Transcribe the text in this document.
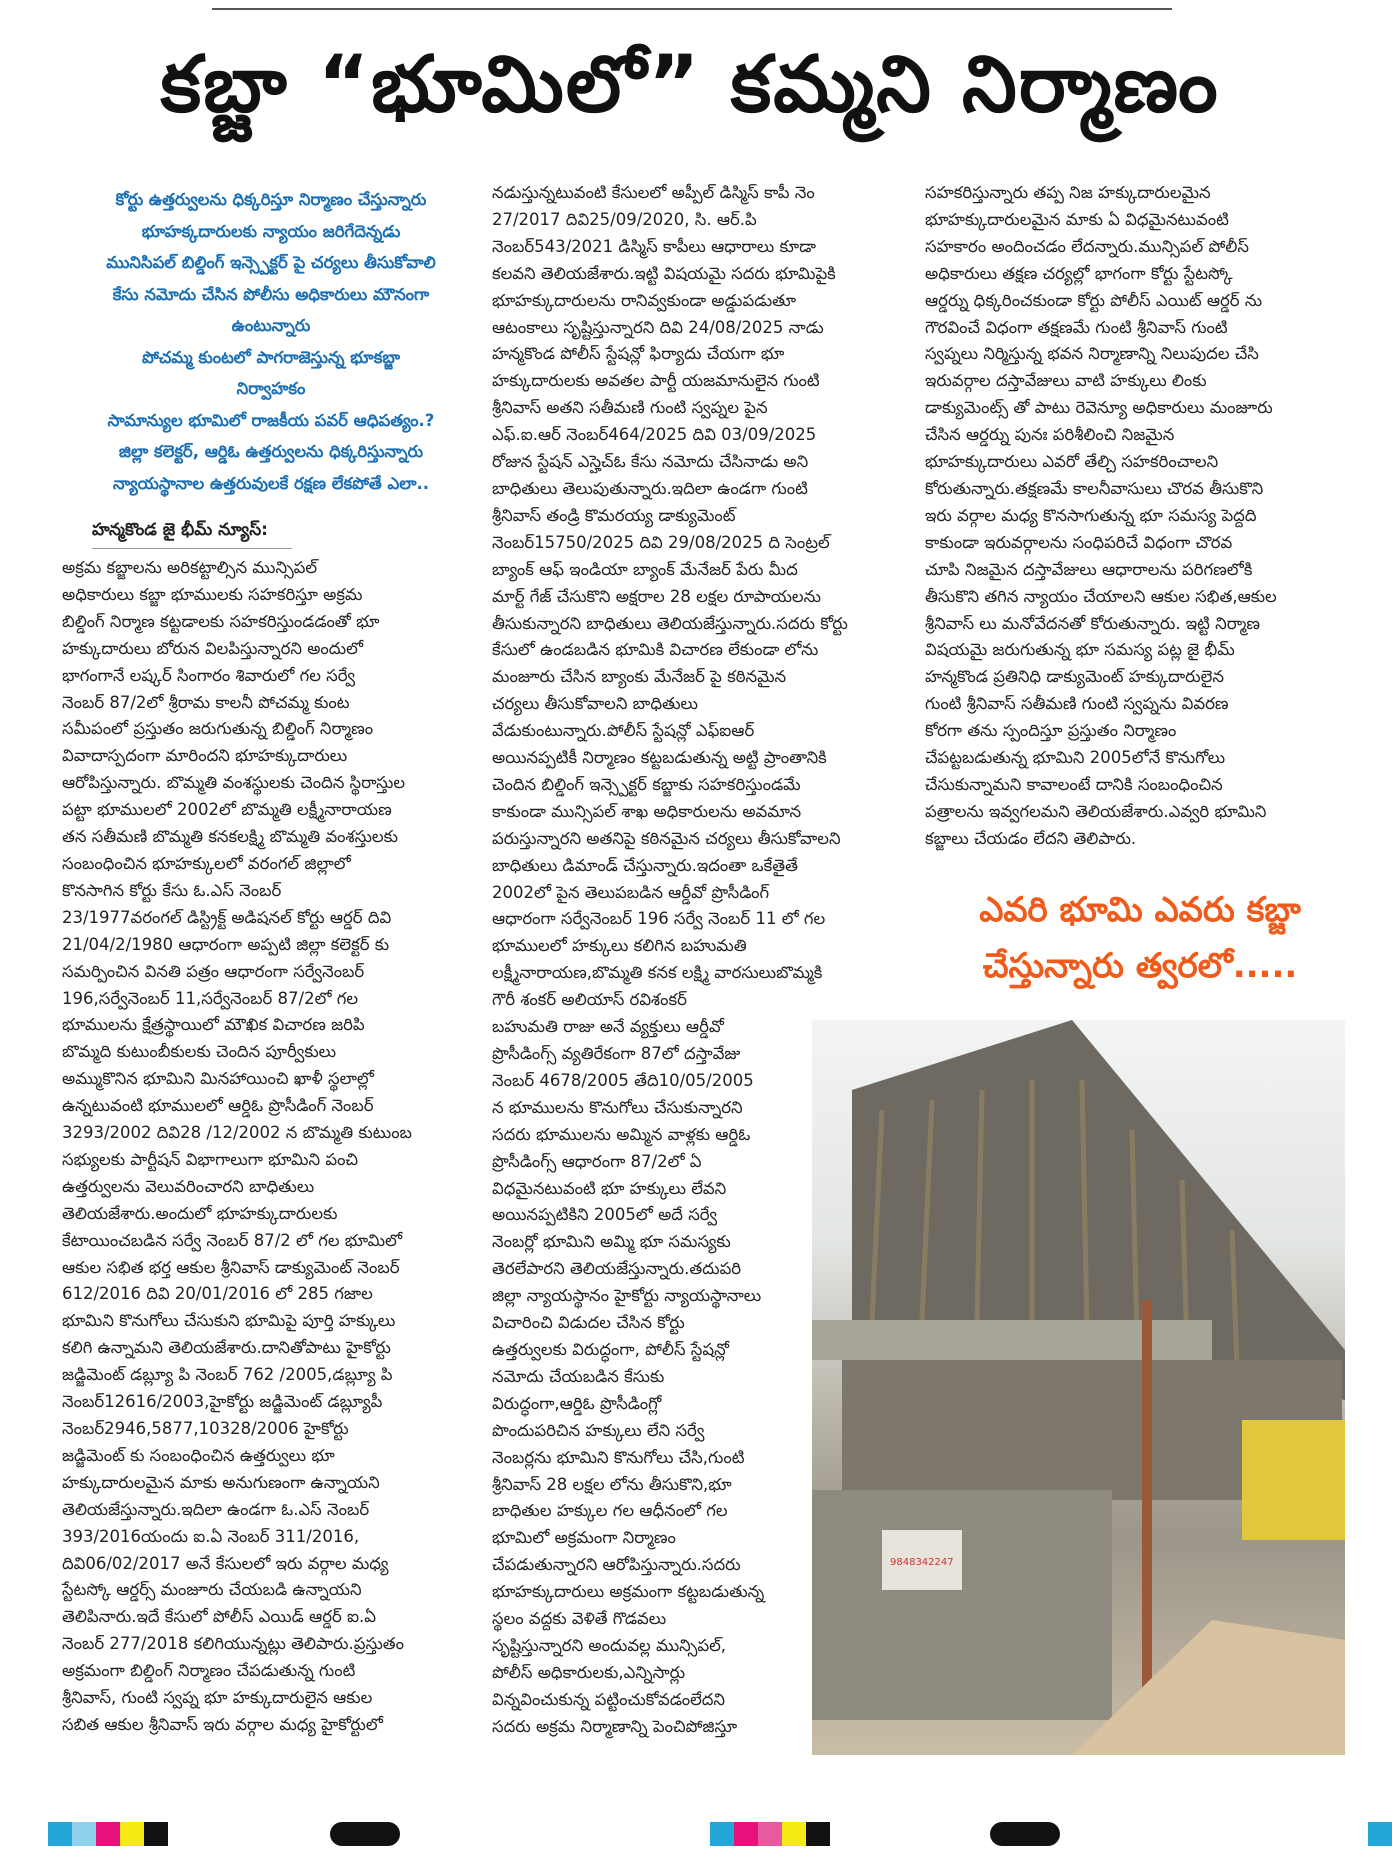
కబ్జా “భూమిలో” కమ్మని నిర్మాణం
కోర్టు ఉత్తర్వులను ధిక్కరిస్తూ నిర్మాణం చేస్తున్నారు
భూహక్కదారులకు న్యాయం జరిగేదెన్నడు
మునిసిపల్ బిల్డింగ్ ఇన్స్పెక్టర్ పై చర్యలు తీసుకోవాలి
కేసు నమోదు చేసిన పోలీసు అధికారులు మౌనంగా
ఉంటున్నారు
పోచమ్మ కుంటలో పాగరాజెస్తున్న భూకబ్జా
నిర్వాహకం
సామాన్యుల భూమిలో రాజకీయ పవర్ ఆధిపత్యం.?
జిల్లా కలెక్టర్, ఆర్డిఓ ఉత్తర్వులను ధిక్కరిస్తున్నారు
న్యాయస్థానాల ఉత్తరువులకే రక్షణ లేకపోతే ఎలా..
హన్మకొండ జై భీమ్ న్యూస్:
అక్రమ కబ్జాలను అరికట్టాల్సిన మున్సిపల్
అధికారులు కబ్జా భూములకు సహకరిస్తూ అక్రమ
బిల్డింగ్ నిర్మాణ కట్టడాలకు సహకరిస్తుండడంతో భూ
హక్కుదారులు బోరున విలపిస్తున్నారని అందులో
భాగంగానే లష్కర్ సింగారం శివారులో గల సర్వే
నెంబర్ 87/2లో శ్రీరామ కాలనీ పోచమ్మ కుంట
సమీపంలో ప్రస్తుతం జరుగుతున్న బిల్డింగ్ నిర్మాణం
వివాదాస్పదంగా మారిందని భూహక్కుదారులు
ఆరోపిస్తున్నారు. బొమ్మతి వంశస్థులకు చెందిన స్థిరాస్తుల
పట్టా భూములలో 2002లో బొమ్మతి లక్ష్మీనారాయణ
తన సతీమణి బొమ్మతి కనకలక్ష్మి బొమ్మతి వంశస్తులకు
సంబంధించిన భూహక్కులలో వరంగల్ జిల్లాలో
కొనసాగిన కోర్టు కేసు ఓ.ఎస్ నెంబర్
23/1977వరంగల్ డిస్ట్రిక్ట్ అడిషనల్ కోర్టు ఆర్డర్ దివి
21/04/2/1980 ఆధారంగా అప్పటి జిల్లా కలెక్టర్ కు
సమర్పించిన వినతి పత్రం ఆధారంగా సర్వేనెంబర్
196,సర్వేనెంబర్ 11,సర్వేనెంబర్ 87/2లో గల
భూములను క్షేత్రస్థాయిలో మౌఖిక విచారణ జరిపి
బొమ్మది కుటుంబీకులకు చెందిన పూర్వీకులు
అమ్ముకొనిన భూమిని మినహాయించి ఖాళీ స్థలాల్లో
ఉన్నటువంటి భూములలో ఆర్డిఓ ప్రొసీడింగ్ నెంబర్
3293/2002 దివి28 /12/2002 న బొమ్మతి కుటుంబ
సభ్యులకు పార్టీషన్ విభాగాలుగా భూమిని పంచి
ఉత్తర్వులను వెలువరించారని బాధితులు
తెలియజేశారు.అందులో భూహక్కుదారులకు
కేటాయించబడిన సర్వే నెంబర్ 87/2 లో గల భూమిలో
ఆకుల సభిత భర్త ఆకుల శ్రీనివాస్ డాక్యుమెంట్ నెంబర్
612/2016 దివి 20/01/2016 లో 285 గజాల
భూమిని కొనుగోలు చేసుకుని భూమిపై పూర్తి హక్కులు
కలిగి ఉన్నామని తెలియజేశారు.దానితోపాటు హైకోర్టు
జడ్జిమెంట్ డబ్ల్యూ పి నెంబర్ 762 /2005,డబ్ల్యూ పి
నెంబర్12616/2003,హైకోర్టు జడ్జిమెంట్ డబ్ల్యూపీ
నెంబర్2946,5877,10328/2006 హైకోర్టు
జడ్జిమెంట్ కు సంబంధించిన ఉత్తర్వులు భూ
హక్కుదారులమైన మాకు అనుగుణంగా ఉన్నాయని
తెలియజేస్తున్నారు.ఇదిలా ఉండగా ఓ.ఎస్ నెంబర్
393/2016యందు ఐ.ఏ నెంబర్ 311/2016,
దివి06/02/2017 అనే కేసులలో ఇరు వర్గాల మధ్య
స్టేటస్కో ఆర్డర్స్ మంజూరు చేయబడి ఉన్నాయని
తెలిపినారు.ఇదే కేసులో పోలీస్ ఎయిడ్ ఆర్డర్ ఐ.ఏ
నెంబర్ 277/2018 కలిగియున్నట్లు తెలిపారు.ప్రస్తుతం
అక్రమంగా బిల్డింగ్ నిర్మాణం చేపడుతున్న గుంటి
శ్రీనివాస్, గుంటి స్వప్న భూ హక్కుదారులైన ఆకుల
సబిత ఆకుల శ్రీనివాస్ ఇరు వర్గాల మధ్య హైకోర్టులో
నడుస్తున్నటువంటి కేసులలో అప్పీల్ డిస్మిస్ కాపీ నెం
27/2017 దివి25/09/2020, సి. ఆర్.పి
నెంబర్543/2021 డిస్మిస్ కాపీలు ఆధారాలు కూడా
కలవని తెలియజేశారు.ఇట్టి విషయమై సదరు భూమిపైకి
భూహక్కుదారులను రానివ్వకుండా అడ్డుపడుతూ
ఆటంకాలు సృష్టిస్తున్నారని దివి 24/08/2025 నాడు
హన్మకొండ పోలీస్ స్టేషన్లో ఫిర్యాదు చేయగా భూ
హక్కుదారులకు అవతల పార్టీ యజమానులైన గుంటి
శ్రీనివాస్ అతని సతీమణి గుంటి స్వప్నల పైన
ఎఫ్.ఐ.ఆర్ నెంబర్464/2025 దివి 03/09/2025
రోజున స్టేషన్ ఎస్హెచ్ఓ కేసు నమోదు చేసినాడు అని
బాధితులు తెలుపుతున్నారు.ఇదిలా ఉండగా గుంటి
శ్రీనివాస్ తండ్రి కొమరయ్య డాక్యుమెంట్
నెంబర్15750/2025 దివి 29/08/2025 ది సెంట్రల్
బ్యాంక్ ఆఫ్ ఇండియా బ్యాంక్ మేనేజర్ పేరు మీద
మార్ట్ గేజ్ చేసుకొని అక్షరాల 28 లక్షల రూపాయలను
తీసుకున్నారని బాధితులు తెలియజేస్తున్నారు.సదరు కోర్టు
కేసులో ఉండబడిన భూమికి విచారణ లేకుండా లోను
మంజూరు చేసిన బ్యాంకు మేనేజర్ పై కఠినమైన
చర్యలు తీసుకోవాలని బాధితులు
వేడుకుంటున్నారు.పోలీస్ స్టేషన్లో ఎఫ్ఐఆర్
అయినప్పటికీ నిర్మాణం కట్టబడుతున్న అట్టి ప్రాంతానికి
చెందిన బిల్డింగ్ ఇన్స్పెక్టర్ కబ్జాకు సహకరిస్తుండమే
కాకుండా మున్సిపల్ శాఖ అధికారులను అవమాన
పరుస్తున్నారని అతనిపై కఠినమైన చర్యలు తీసుకోవాలని
బాధితులు డిమాండ్ చేస్తున్నారు.ఇదంతా ఒకేతైతే
2002లో పైన తెలుపబడిన ఆర్డీవో ప్రొసీడింగ్
ఆధారంగా సర్వేనెంబర్ 196 సర్వే నెంబర్ 11 లో గల
భూములలో హక్కులు కలిగిన బహుమతి
లక్ష్మీనారాయణ,బొమ్మతి కనక లక్ష్మి వారసులుబొమ్మకి
గౌరీ శంకర్ అలియాస్ రవిశంకర్
బహుమతి రాజు అనే వ్యక్తులు ఆర్డీవో
ప్రొసీడింగ్స్ వ్యతిరేకంగా 87లో దస్తావేజు
నెంబర్ 4678/2005 తేది10/05/2005
న భూములను కొనుగోలు చేసుకున్నారని
సదరు భూములను అమ్మిన వాళ్లకు ఆర్డిఓ
ప్రొసీడింగ్స్ ఆధారంగా 87/2లో ఏ
విధమైనటువంటి భూ హక్కులు లేవని
అయినప్పటికిని 2005లో అదే సర్వే
నెంబర్లో భూమిని అమ్మి భూ సమస్యకు
తెరలేపారని తెలియజేస్తున్నారు.తదుపరి
జిల్లా న్యాయస్థానం హైకోర్టు న్యాయస్థానాలు
విచారించి విడుదల చేసిన కోర్టు
ఉత్తర్వులకు విరుద్ధంగా, పోలీస్ స్టేషన్లో
నమోదు చేయబడిన కేసుకు
విరుద్ధంగా,ఆర్డిఓ ప్రొసీడింగ్లో
పొందుపరిచిన హక్కులు లేని సర్వే
నెంబర్లను భూమిని కొనుగోలు చేసి,గుంటి
శ్రీనివాస్ 28 లక్షల లోను తీసుకొని,భూ
బాధితుల హక్కుల గల ఆధీనంలో గల
భూమిలో అక్రమంగా నిర్మాణం
చేపడుతున్నారని ఆరోపిస్తున్నారు.సదరు
భూహక్కుదారులు అక్రమంగా కట్టబడుతున్న
స్థలం వద్దకు వెళితే గొడవలు
సృష్టిస్తున్నారని అందువల్ల మున్సిపల్,
పోలీస్ అధికారులకు,ఎన్నిసార్లు
విన్నవించుకున్న పట్టించుకోవడంలేదని
సదరు అక్రమ నిర్మాణాన్ని పెంచిపోజిస్తూ
సహకరిస్తున్నారు తప్ప నిజ హక్కుదారులమైన
భూహక్కుదారులమైన మాకు ఏ విధమైనటువంటి
సహకారం అందించడం లేదన్నారు.మున్సిపల్ పోలీస్
అధికారులు తక్షణ చర్యల్లో భాగంగా కోర్టు స్టేటస్కో
ఆర్డర్ను ధిక్కరించకుండా కోర్టు పోలీస్ ఎయిట్ ఆర్డర్ ను
గౌరవించే విధంగా తక్షణమే గుంటి శ్రీనివాస్ గుంటి
స్వప్నలు నిర్మిస్తున్న భవన నిర్మాణాన్ని నిలుపుదల చేసి
ఇరువర్గాల దస్తావేజులు వాటి హక్కులు లింకు
డాక్యుమెంట్స్ తో పాటు రెవెన్యూ అధికారులు మంజూరు
చేసిన ఆర్డర్ను పునః పరిశీలించి నిజమైన
భూహక్కుదారులు ఎవరో తేల్చి సహకరించాలని
కోరుతున్నారు.తక్షణమే కాలనీవాసులు చొరవ తీసుకొని
ఇరు వర్గాల మధ్య కొనసాగుతున్న భూ సమస్య పెద్దది
కాకుండా ఇరువర్గాలను సంధిపరిచే విధంగా చొరవ
చూపి నిజమైన దస్తావేజులు ఆధారాలను పరిగణలోకి
తీసుకొని తగిన న్యాయం చేయాలని ఆకుల సభిత,ఆకుల
శ్రీనివాస్ లు మనోవేదనతో కోరుతున్నారు. ఇట్టి నిర్మాణ
విషయమై జరుగుతున్న భూ సమస్య పట్ల జై భీమ్
హన్మకొండ ప్రతినిధి డాక్యుమెంట్ హక్కుదారులైన
గుంటి శ్రీనివాస్ సతీమణి గుంటి స్వప్నను వివరణ
కోరగా తను స్పందిస్తూ ప్రస్తుతం నిర్మాణం
చేపట్టబడుతున్న భూమిని 2005లోనే కొనుగోలు
చేసుకున్నామని కావాలంటే దానికి సంబంధించిన
పత్రాలను ఇవ్వగలమని తెలియజేశారు.ఎవ్వరి భూమిని
కబ్జాలు చేయడం లేదని తెలిపారు.
ఎవరి భూమి ఎవరు కబ్జా
చేస్తున్నారు త్వరలో.....
9848342247
